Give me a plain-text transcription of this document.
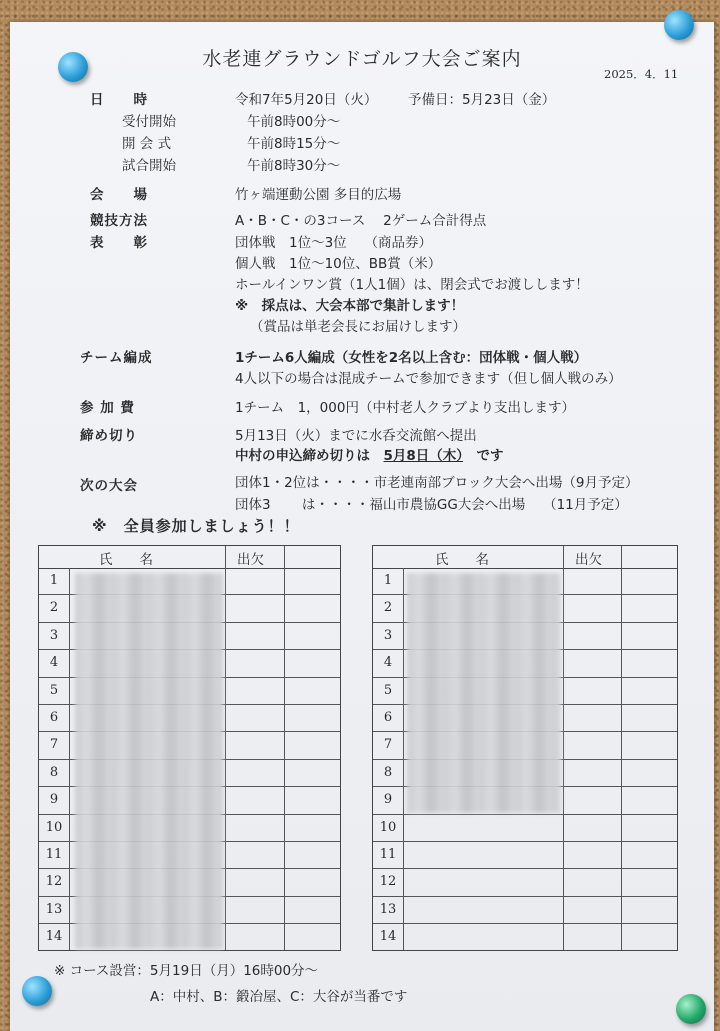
水老連グラウンドゴルフ大会ご案内
2025．4．11
日　　時	令和7年5月20日（火） 予備日：5月23日（金）
受付開始	午前8時00分～
開 会 式	午前8時15分～
試合開始	午前8時30分～
会　　場	竹ヶ端運動公園 多目的広場
競技方法	A・B・C・の3コース　 2ゲーム合計得点
表　　彰	団体戦　1位～3位　 （商品券）
個人戦　1位～10位、BB賞（米）
ホールインワン賞（1人1個）は、閉会式でお渡しします！
※　採点は、大会本部で集計します！
（賞品は単老会長にお届けします）
チーム編成	1チーム6人編成（女性を2名以上含む：団体戦・個人戦）
4人以下の場合は混成チームで参加できます（但し個人戦のみ）
参 加 費	1チーム　1，000円（中村老人クラブより支出します）
締め切り	5月13日（火）までに水呑交流館へ提出
中村の申込締め切りは　5月8日（木）　です
次の大会	団体1・2位は・・・・市老連南部ブロック大会へ出場（9月予定）
団体3　　 は・・・・福山市農協GG大会へ出場　 （11月予定）
※　全員参加しましょう！！
氏　　名	出欠
1
2
3
4
5
6
7
8
9
10
11
12
13
14
氏　　名	出欠
1
2
3
4
5
6
7
8
9
10
11
12
13
14
※ コース設営：5月19日（月）16時00分～
A：中村、B：鍛冶屋、C：大谷が当番です
